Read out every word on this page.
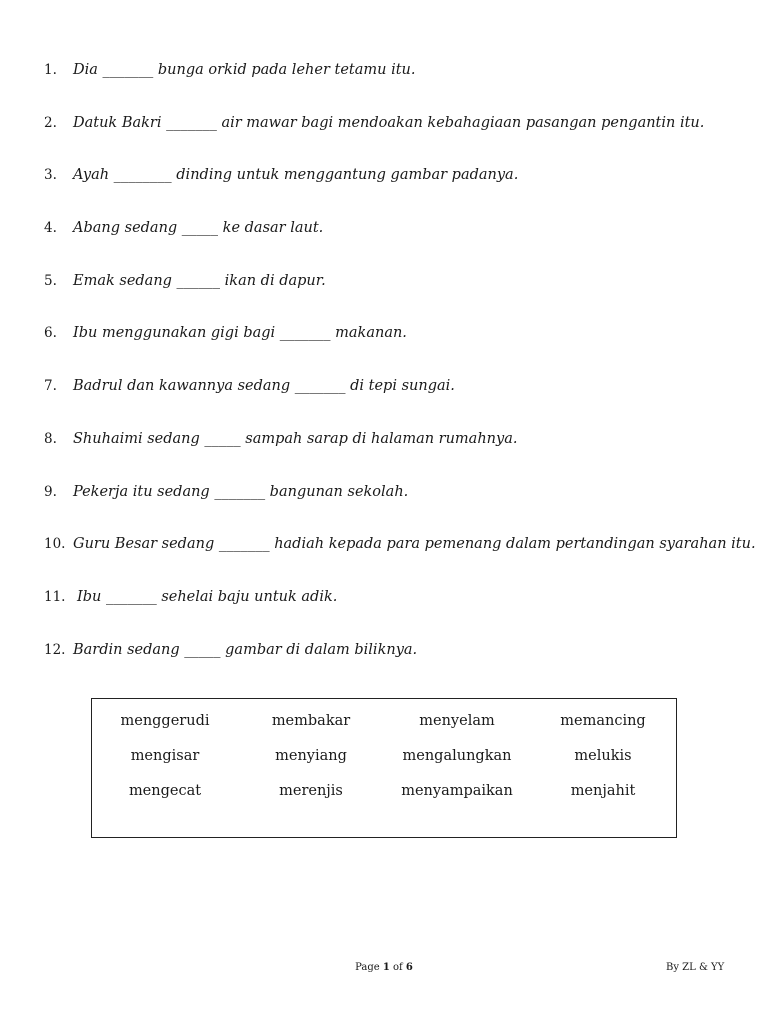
1. Dia _______ bunga orkid pada leher tetamu itu.
2. Datuk Bakri _______ air mawar bagi mendoakan kebahagiaan pasangan pengantin itu.
3. Ayah ________ dinding untuk menggantung gambar padanya.
4. Abang sedang _____ ke dasar laut.
5. Emak sedang ______ ikan di dapur.
6. Ibu menggunakan gigi bagi _______ makanan.
7. Badrul dan kawannya sedang _______ di tepi sungai.
8. Shuhaimi sedang _____ sampah sarap di halaman rumahnya.
9. Pekerja itu sedang _______ bangunan sekolah.
10. Guru Besar sedang _______ hadiah kepada para pemenang dalam pertandingan syarahan itu.
11. Ibu _______ sehelai baju untuk adik.
12. Bardin sedang _____ gambar di dalam biliknya.
menggerudi	membakar	menyelam	memancing
mengisar	menyiang	mengalungkan	melukis
mengecat	merenjis	menyampaikan	menjahit
Page 1 of 6	By ZL & YY
